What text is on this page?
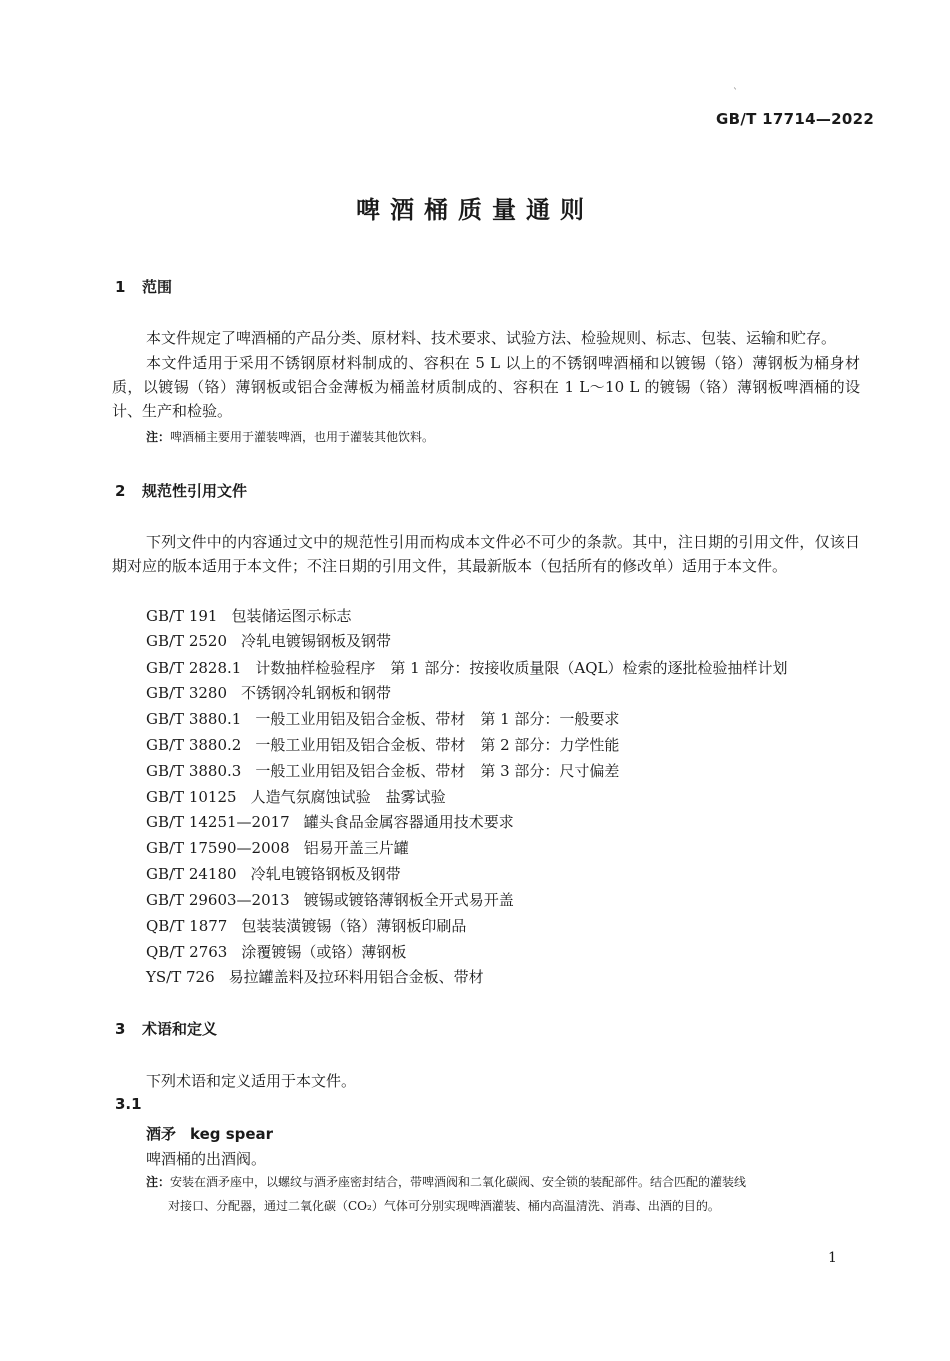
`
GB/T 17714—2022
啤酒桶质量通则
1 范围
本文件规定了啤酒桶的产品分类、原材料、技术要求、试验方法、检验规则、标志、包装、运输和贮存。
本文件适用于采用不锈钢原材料制成的、容积在 5 L 以上的不锈钢啤酒桶和以镀锡（铬）薄钢板为桶身材质，以镀锡（铬）薄钢板或铝合金薄板为桶盖材质制成的、容积在 1 L～10 L 的镀锡（铬）薄钢板啤酒桶的设计、生产和检验。
注：啤酒桶主要用于灌装啤酒，也用于灌装其他饮料。
2 规范性引用文件
下列文件中的内容通过文中的规范性引用而构成本文件必不可少的条款。其中，注日期的引用文件，仅该日期对应的版本适用于本文件；不注日期的引用文件，其最新版本（包括所有的修改单）适用于本文件。
GB/T 191 包装储运图示标志
GB/T 2520 冷轧电镀锡钢板及钢带
GB/T 2828.1 计数抽样检验程序　第 1 部分：按接收质量限（AQL）检索的逐批检验抽样计划
GB/T 3280 不锈钢冷轧钢板和钢带
GB/T 3880.1 一般工业用铝及铝合金板、带材　第 1 部分：一般要求
GB/T 3880.2 一般工业用铝及铝合金板、带材　第 2 部分：力学性能
GB/T 3880.3 一般工业用铝及铝合金板、带材　第 3 部分：尺寸偏差
GB/T 10125 人造气氛腐蚀试验　盐雾试验
GB/T 14251—2017 罐头食品金属容器通用技术要求
GB/T 17590—2008 铝易开盖三片罐
GB/T 24180 冷轧电镀铬钢板及钢带
GB/T 29603—2013 镀锡或镀铬薄钢板全开式易开盖
QB/T 1877 包装装潢镀锡（铬）薄钢板印刷品
QB/T 2763 涂覆镀锡（或铬）薄钢板
YS/T 726 易拉罐盖料及拉环料用铝合金板、带材
3 术语和定义
下列术语和定义适用于本文件。
3.1
酒矛 keg spear
啤酒桶的出酒阀。
注：安装在酒矛座中，以螺纹与酒矛座密封结合，带啤酒阀和二氧化碳阀、安全锁的装配部件。结合匹配的灌装线
对接口、分配器，通过二氧化碳（CO₂）气体可分别实现啤酒灌装、桶内高温清洗、消毒、出酒的目的。
1
